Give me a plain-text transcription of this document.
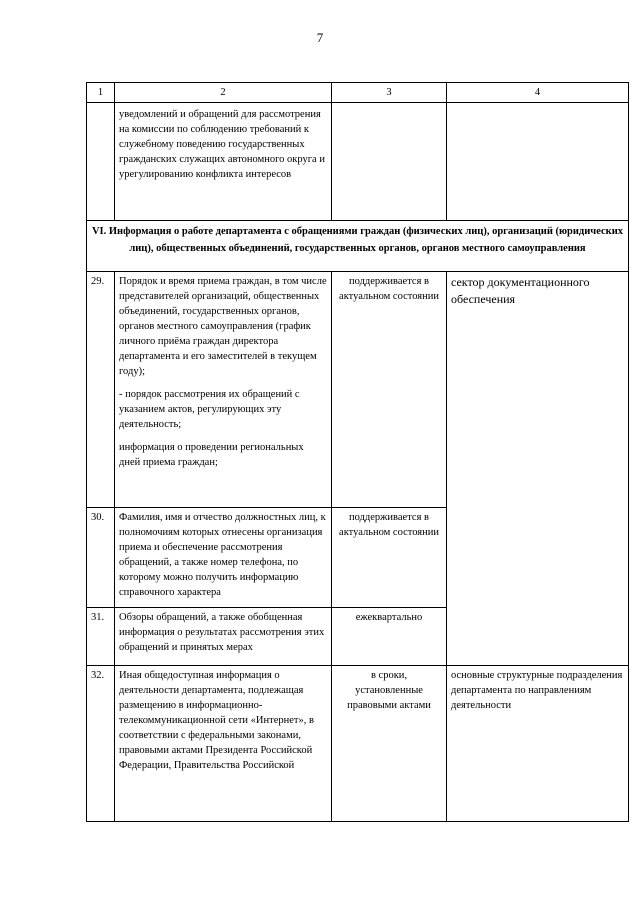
7
1	2	3	4
	уведомлений и обращений для рассмотрения на комиссии по соблюдению требований к служебному поведению государственных гражданских служащих автономного округа и урегулированию конфликта интересов		
VI. Информация о работе департамента с обращениями граждан (физических лиц), организаций (юридических лиц), общественных объединений, государственных органов, органов местного самоуправления			
29.	Порядок и время приема граждан, в том числе представителей организаций, общественных объединений, государственных органов, органов местного самоуправления (график личного приёма граждан директора департамента и его заместителей в текущем году);
- порядок рассмотрения их обращений с указанием актов, регулирующих эту деятельность;
информация о проведении региональных дней приема граждан;	поддерживается в актуальном состоянии	сектор документационного обеспечения
30.	Фамилия, имя и отчество должностных лиц, к полномочиям которых отнесены организация приема и обеспечение рассмотрения обращений, а также номер телефона, по которому можно получить информацию справочного характера	поддерживается в актуальном состоянии	
31.	Обзоры обращений, а также обобщенная информация о результатах рассмотрения этих обращений и принятых мерах	ежеквартально	
32.	Иная общедоступная информация о деятельности департамента, подлежащая размещению в информационно-телекоммуникационной сети «Интернет», в соответствии с федеральными законами, правовыми актами Президента Российской Федерации, Правительства Российской	в сроки, установленные правовыми актами	основные структурные подразделения департамента по направлениям деятельности
